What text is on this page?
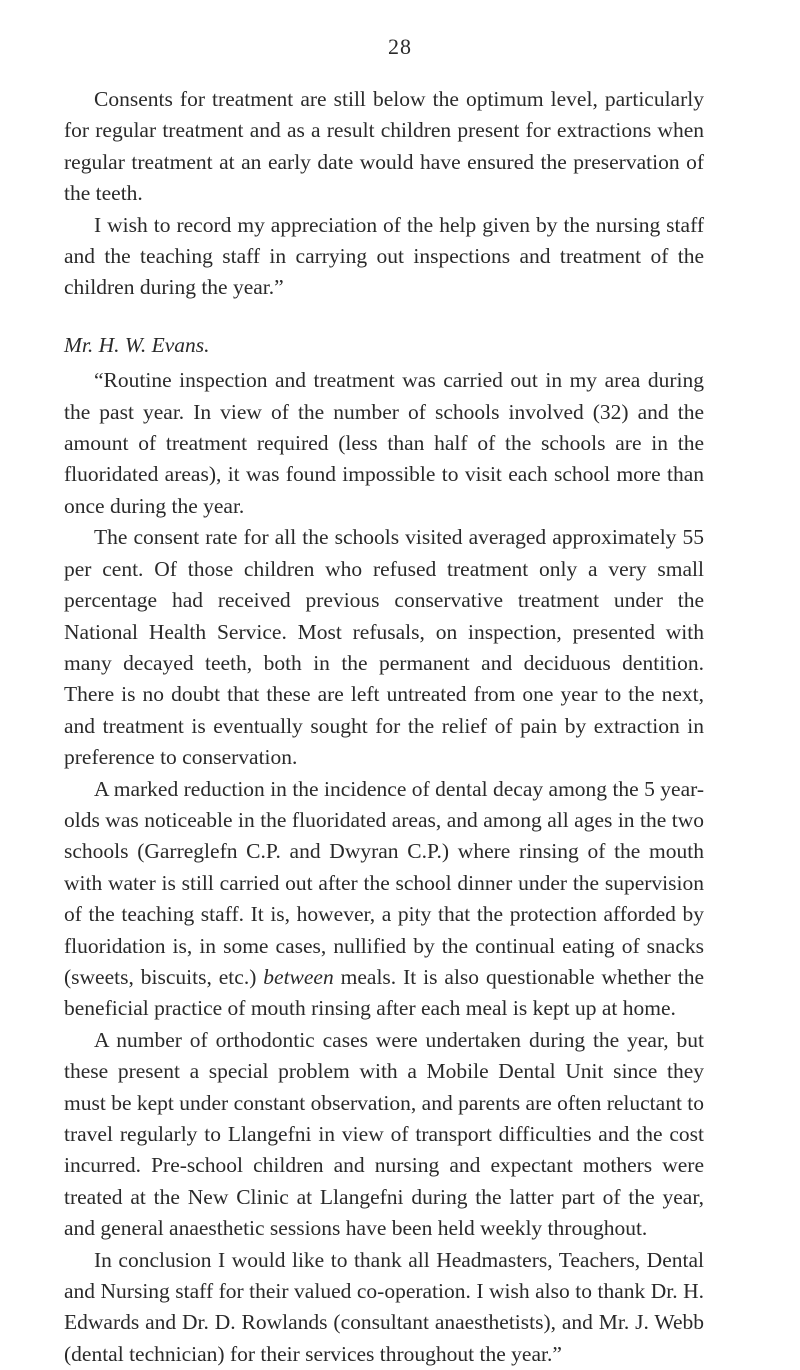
28

Consents for treatment are still below the optimum level, particularly for regular treatment and as a result children present for extractions when regular treatment at an early date would have ensured the preservation of the teeth.

I wish to record my appreciation of the help given by the nursing staff and the teaching staff in carrying out inspections and treatment of the children during the year.”

Mr. H. W. Evans.

“Routine inspection and treatment was carried out in my area during the past year. In view of the number of schools involved (32) and the amount of treatment required (less than half of the schools are in the fluoridated areas), it was found impossible to visit each school more than once during the year.

The consent rate for all the schools visited averaged approximately 55 per cent. Of those children who refused treatment only a very small percentage had received previous conservative treatment under the National Health Service. Most refusals, on inspection, presented with many decayed teeth, both in the permanent and deciduous dentition. There is no doubt that these are left untreated from one year to the next, and treatment is eventually sought for the relief of pain by extraction in preference to conservation.

A marked reduction in the incidence of dental decay among the 5 year-olds was noticeable in the fluoridated areas, and among all ages in the two schools (Garreglefn C.P. and Dwyran C.P.) where rinsing of the mouth with water is still carried out after the school dinner under the supervision of the teaching staff. It is, however, a pity that the protection afforded by fluoridation is, in some cases, nullified by the continual eating of snacks (sweets, biscuits, etc.) between meals. It is also questionable whether the beneficial practice of mouth rinsing after each meal is kept up at home.

A number of orthodontic cases were undertaken during the year, but these present a special problem with a Mobile Dental Unit since they must be kept under constant observation, and parents are often reluctant to travel regularly to Llangefni in view of transport difficulties and the cost incurred. Pre-school children and nursing and expectant mothers were treated at the New Clinic at Llangefni during the latter part of the year, and general anaesthetic sessions have been held weekly throughout.

In conclusion I would like to thank all Headmasters, Teachers, Dental and Nursing staff for their valued co-operation. I wish also to thank Dr. H. Edwards and Dr. D. Rowlands (consultant anaesthetists), and Mr. J. Webb (dental technician) for their services throughout the year.”
